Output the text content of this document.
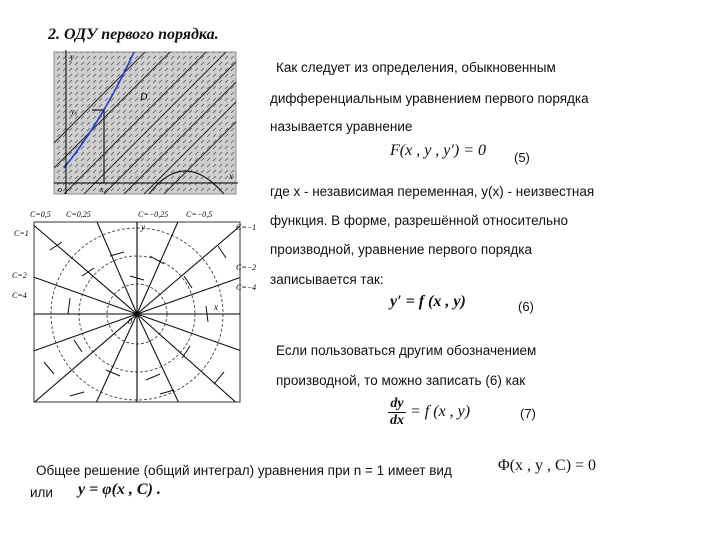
2. ОДУ первого порядка.
y
x
y₀
x₀
D
o
C=0,5 C=0,25	C=−0,25 C=−0,5
C=1
C=2
C=4
C=−1
C=−2
C=−4
y
x
0
Как следует из определения, обыкновенным
дифференциальным уравнением первого порядка
называется уравнение
F(x , y , y′) = 0 (5)
где х - независимая переменная, y(x) - неизвестная
функция. В форме, разрешённой относительно
производной, уравнение первого порядка
записывается так:
y′ = f (x , y)	(6)
Если пользоваться другим обозначением
производной, то можно записать (6) как
$\frac{dy}{dx} = f$ (x , y)	(7)
Общее решение (общий интеграл) уравнения при n = 1 имеет вид	Φ(x , y , C) = 0
или y = φ(x , C) .
